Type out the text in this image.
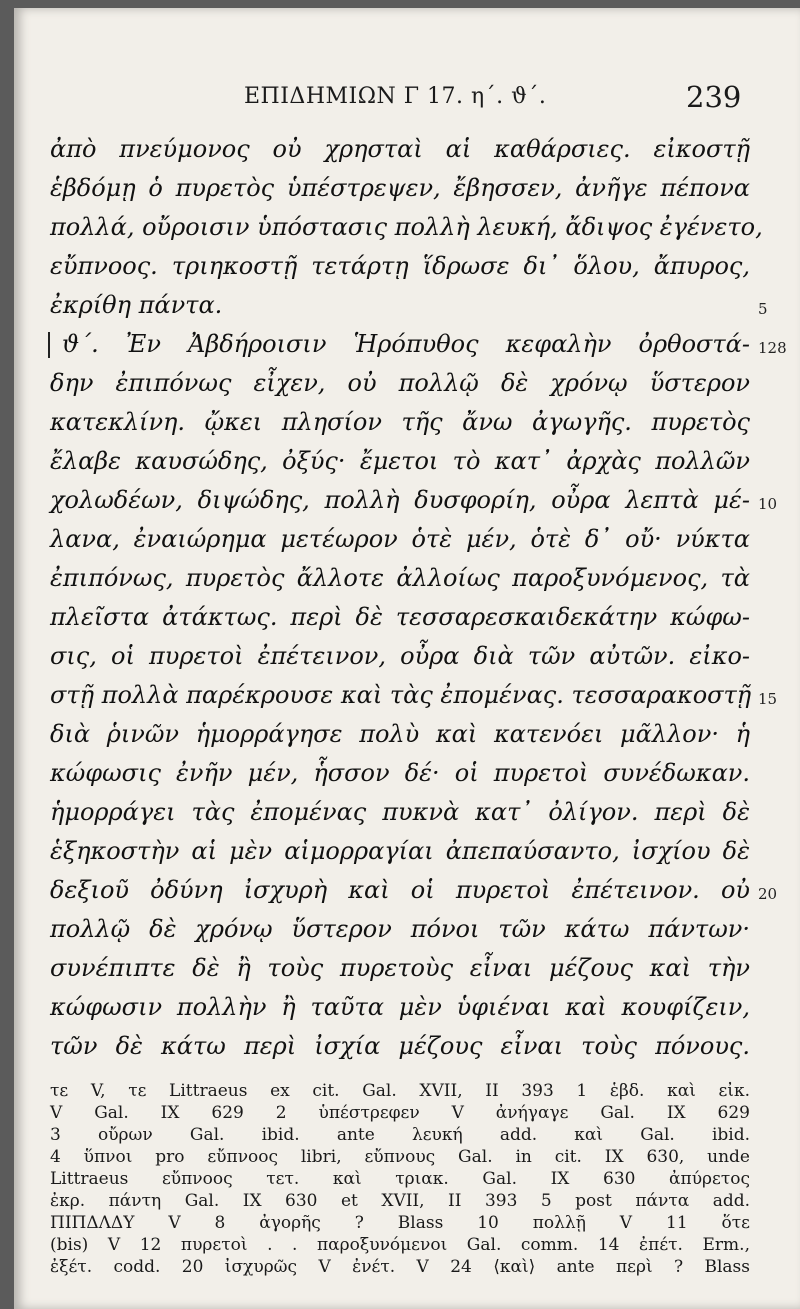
ΕΠΙΔΗΜΙΩΝ Γ 17. η΄. ϑ΄.	239
ἀπὸ πνεύμονος οὐ χρησταὶ αἱ καθάρσιες. εἰκοστῇ
ἑβδόμῃ ὁ πυρετὸς ὑπέστρεψεν, ἔβησσεν, ἀνῆγε πέπονα
πολλά, οὔροισιν ὑπόστασις πολλὴ λευκή, ἄδιψος ἐγένετο,
εὔπνοος. τριηκοστῇ τετάρτῃ ἵδρωσε δι᾽ ὅλου, ἄπυρος,
ἐκρίθη πάντα.	5
ϑ΄. Ἐν Ἀβδήροισιν Ἡρόπυθος κεφαλὴν ὀρθοστά- 128
δην ἐπιπόνως εἶχεν, οὐ πολλῷ δὲ χρόνῳ ὕστερον
κατεκλίνη. ᾤκει πλησίον τῆς ἄνω ἀγωγῆς. πυρετὸς
ἔλαβε καυσώδης, ὀξύς· ἔμετοι τὸ κατ᾽ ἀρχὰς πολλῶν
χολωδέων, διψώδης, πολλὴ δυσφορίη, οὖρα λεπτὰ μέ- 10
λανα, ἐναιώρημα μετέωρον ὁτὲ μέν, ὁτὲ δ᾽ οὔ· νύκτα
ἐπιπόνως, πυρετὸς ἄλλοτε ἀλλοίως παροξυνόμενος, τὰ
πλεῖστα ἀτάκτως. περὶ δὲ τεσσαρεσκαιδεκάτην κώφω-
σις, οἱ πυρετοὶ ἐπέτεινον, οὖρα διὰ τῶν αὐτῶν. εἰκο-
στῇ πολλὰ παρέκρουσε καὶ τὰς ἐπομένας. τεσσαρακοστῇ 15
διὰ ῥινῶν ἡμορράγησε πολὺ καὶ κατενόει μᾶλλον· ἡ
κώφωσις ἐνῆν μέν, ἧσσον δέ· οἱ πυρετοὶ συνέδωκαν.
ἡμορράγει τὰς ἐπομένας πυκνὰ κατ᾽ ὀλίγον. περὶ δὲ
ἑξηκοστὴν αἱ μὲν αἱμορραγίαι ἀπεπαύσαντο, ἰσχίου δὲ
δεξιοῦ ὀδύνη ἰσχυρὴ καὶ οἱ πυρετοὶ ἐπέτεινον. οὐ 20
πολλῷ δὲ χρόνῳ ὕστερον πόνοι τῶν κάτω πάντων·
συνέπιπτε δὲ ἢ τοὺς πυρετοὺς εἶναι μέζους καὶ τὴν
κώφωσιν πολλὴν ἢ ταῦτα μὲν ὑφιέναι καὶ κουφίζειν,
τῶν δὲ κάτω περὶ ἰσχία μέζους εἶναι τοὺς πόνους.
τε V, τε Littraeus ex cit. Gal. XVII, II 393 1 ἑβδ. καὶ εἰκ.
V Gal. IX 629 2 ὑπέστρεφεν V ἀνήγαγε Gal. IX 629
3 οὔρων Gal. ibid. ante λευκή add. καὶ Gal. ibid.
4 ὕπνοι pro εὔπνοος libri, εὔπνους Gal. in cit. IX 630, unde
Littraeus εὔπνοος τετ. καὶ τριακ. Gal. IX 630 ἀπύρετος
ἐκρ. πάντη Gal. IX 630 et XVII, II 393 5 post πάντα add.
ΠΙΠΔΛΔΥ V 8 ἀγορῆς ? Blass 10 πολλῇ V 11 ὅτε
(bis) V 12 πυρετοὶ . . παροξυνόμενοι Gal. comm. 14 ἐπέτ. Erm.,
ἐξέτ. codd. 20 ἰσχυρῶς V ἐνέτ. V 24 ⟨καὶ⟩ ante περὶ ? Blass
